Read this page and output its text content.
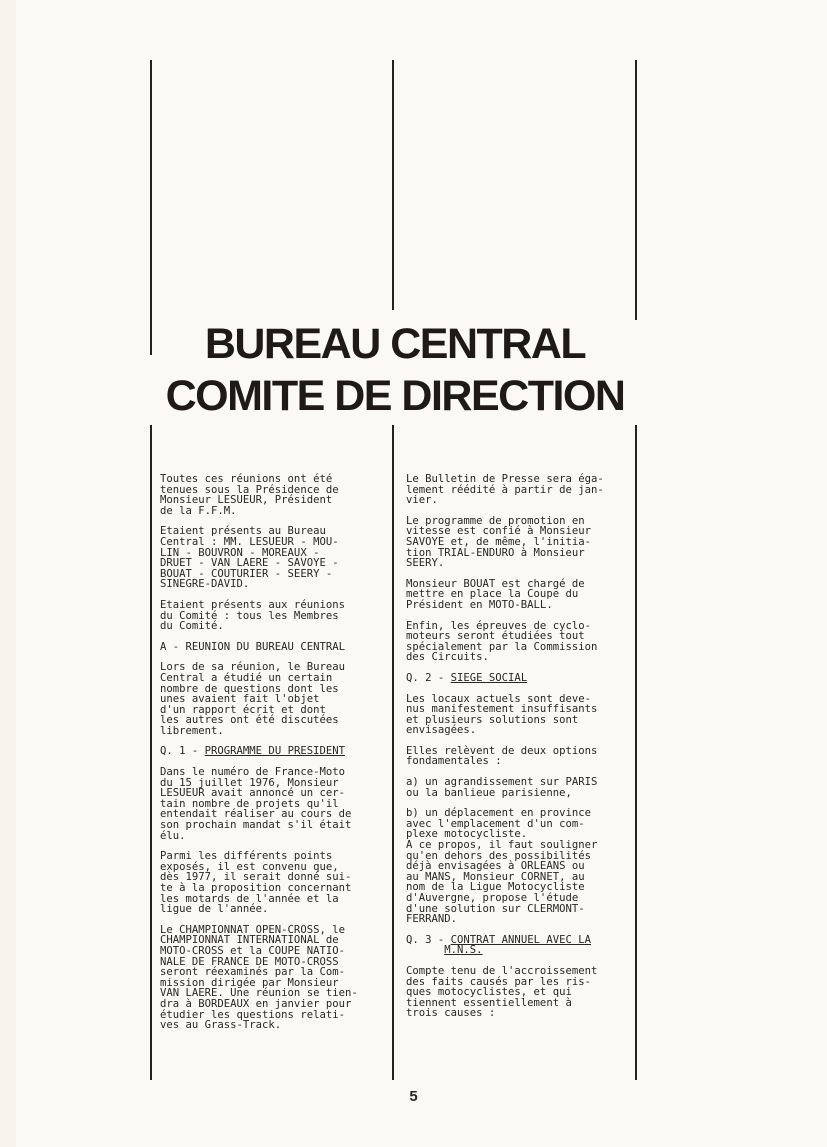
BUREAU CENTRAL
COMITE DE DIRECTION
Toutes ces réunions ont été
tenues sous la Présidence de
Monsieur LESUEUR, Président
de la F.F.M.
Etaient présents au Bureau
Central : MM. LESUEUR - MOU-
LIN - BOUVRON - MOREAUX -
DRUET - VAN LAERE - SAVOYE -
BOUAT - COUTURIER - SEERY -
SINEGRE-DAVID.
Etaient présents aux réunions
du Comité : tous les Membres
du Comité.
A - REUNION DU BUREAU CENTRAL
Lors de sa réunion, le Bureau
Central a étudié un certain
nombre de questions dont les
unes avaient fait l'objet
d'un rapport écrit et dont
les autres ont été discutées
librement.
Q. 1 - PROGRAMME DU PRESIDENT
Dans le numéro de France-Moto
du 15 juillet 1976, Monsieur
LESUEUR avait annoncé un cer-
tain nombre de projets qu'il
entendait réaliser au cours de
son prochain mandat s'il était
élu.
Parmi les différents points
exposés, il est convenu que,
dès 1977, il serait donné sui-
te à la proposition concernant
les motards de l'année et la
ligue de l'année.
Le CHAMPIONNAT OPEN-CROSS, le
CHAMPIONNAT INTERNATIONAL de
MOTO-CROSS et la COUPE NATIO-
NALE DE FRANCE DE MOTO-CROSS
seront réexaminés par la Com-
mission dirigée par Monsieur
VAN LAERE. Une réunion se tien-
dra à BORDEAUX en janvier pour
étudier les questions relati-
ves au Grass-Track.
Le Bulletin de Presse sera éga-
lement réédité à partir de jan-
vier.
Le programme de promotion en
vitesse est confié à Monsieur
SAVOYE et, de même, l'initia-
tion TRIAL-ENDURO à Monsieur
SEERY.
Monsieur BOUAT est chargé de
mettre en place la Coupe du
Président en MOTO-BALL.
Enfin, les épreuves de cyclo-
moteurs seront étudiées tout
spécialement par la Commission
des Circuits.
Q. 2 - SIEGE SOCIAL
Les locaux actuels sont deve-
nus manifestement insuffisants
et plusieurs solutions sont
envisagées.
Elles relèvent de deux options
fondamentales :
a) un agrandissement sur PARIS
ou la banlieue parisienne,
b) un déplacement en province
avec l'emplacement d'un com-
plexe motocycliste.
A ce propos, il faut souligner
qu'en dehors des possibilités
déjà envisagées à ORLEANS ou
au MANS, Monsieur CORNET, au
nom de la Ligue Motocycliste
d'Auvergne, propose l'étude
d'une solution sur CLERMONT-
FERRAND.
Q. 3 - CONTRAT ANNUEL AVEC LA
M.N.S.
Compte tenu de l'accroissement
des faits causés par les ris-
ques motocyclistes, et qui
tiennent essentiellement à
trois causes :
5
